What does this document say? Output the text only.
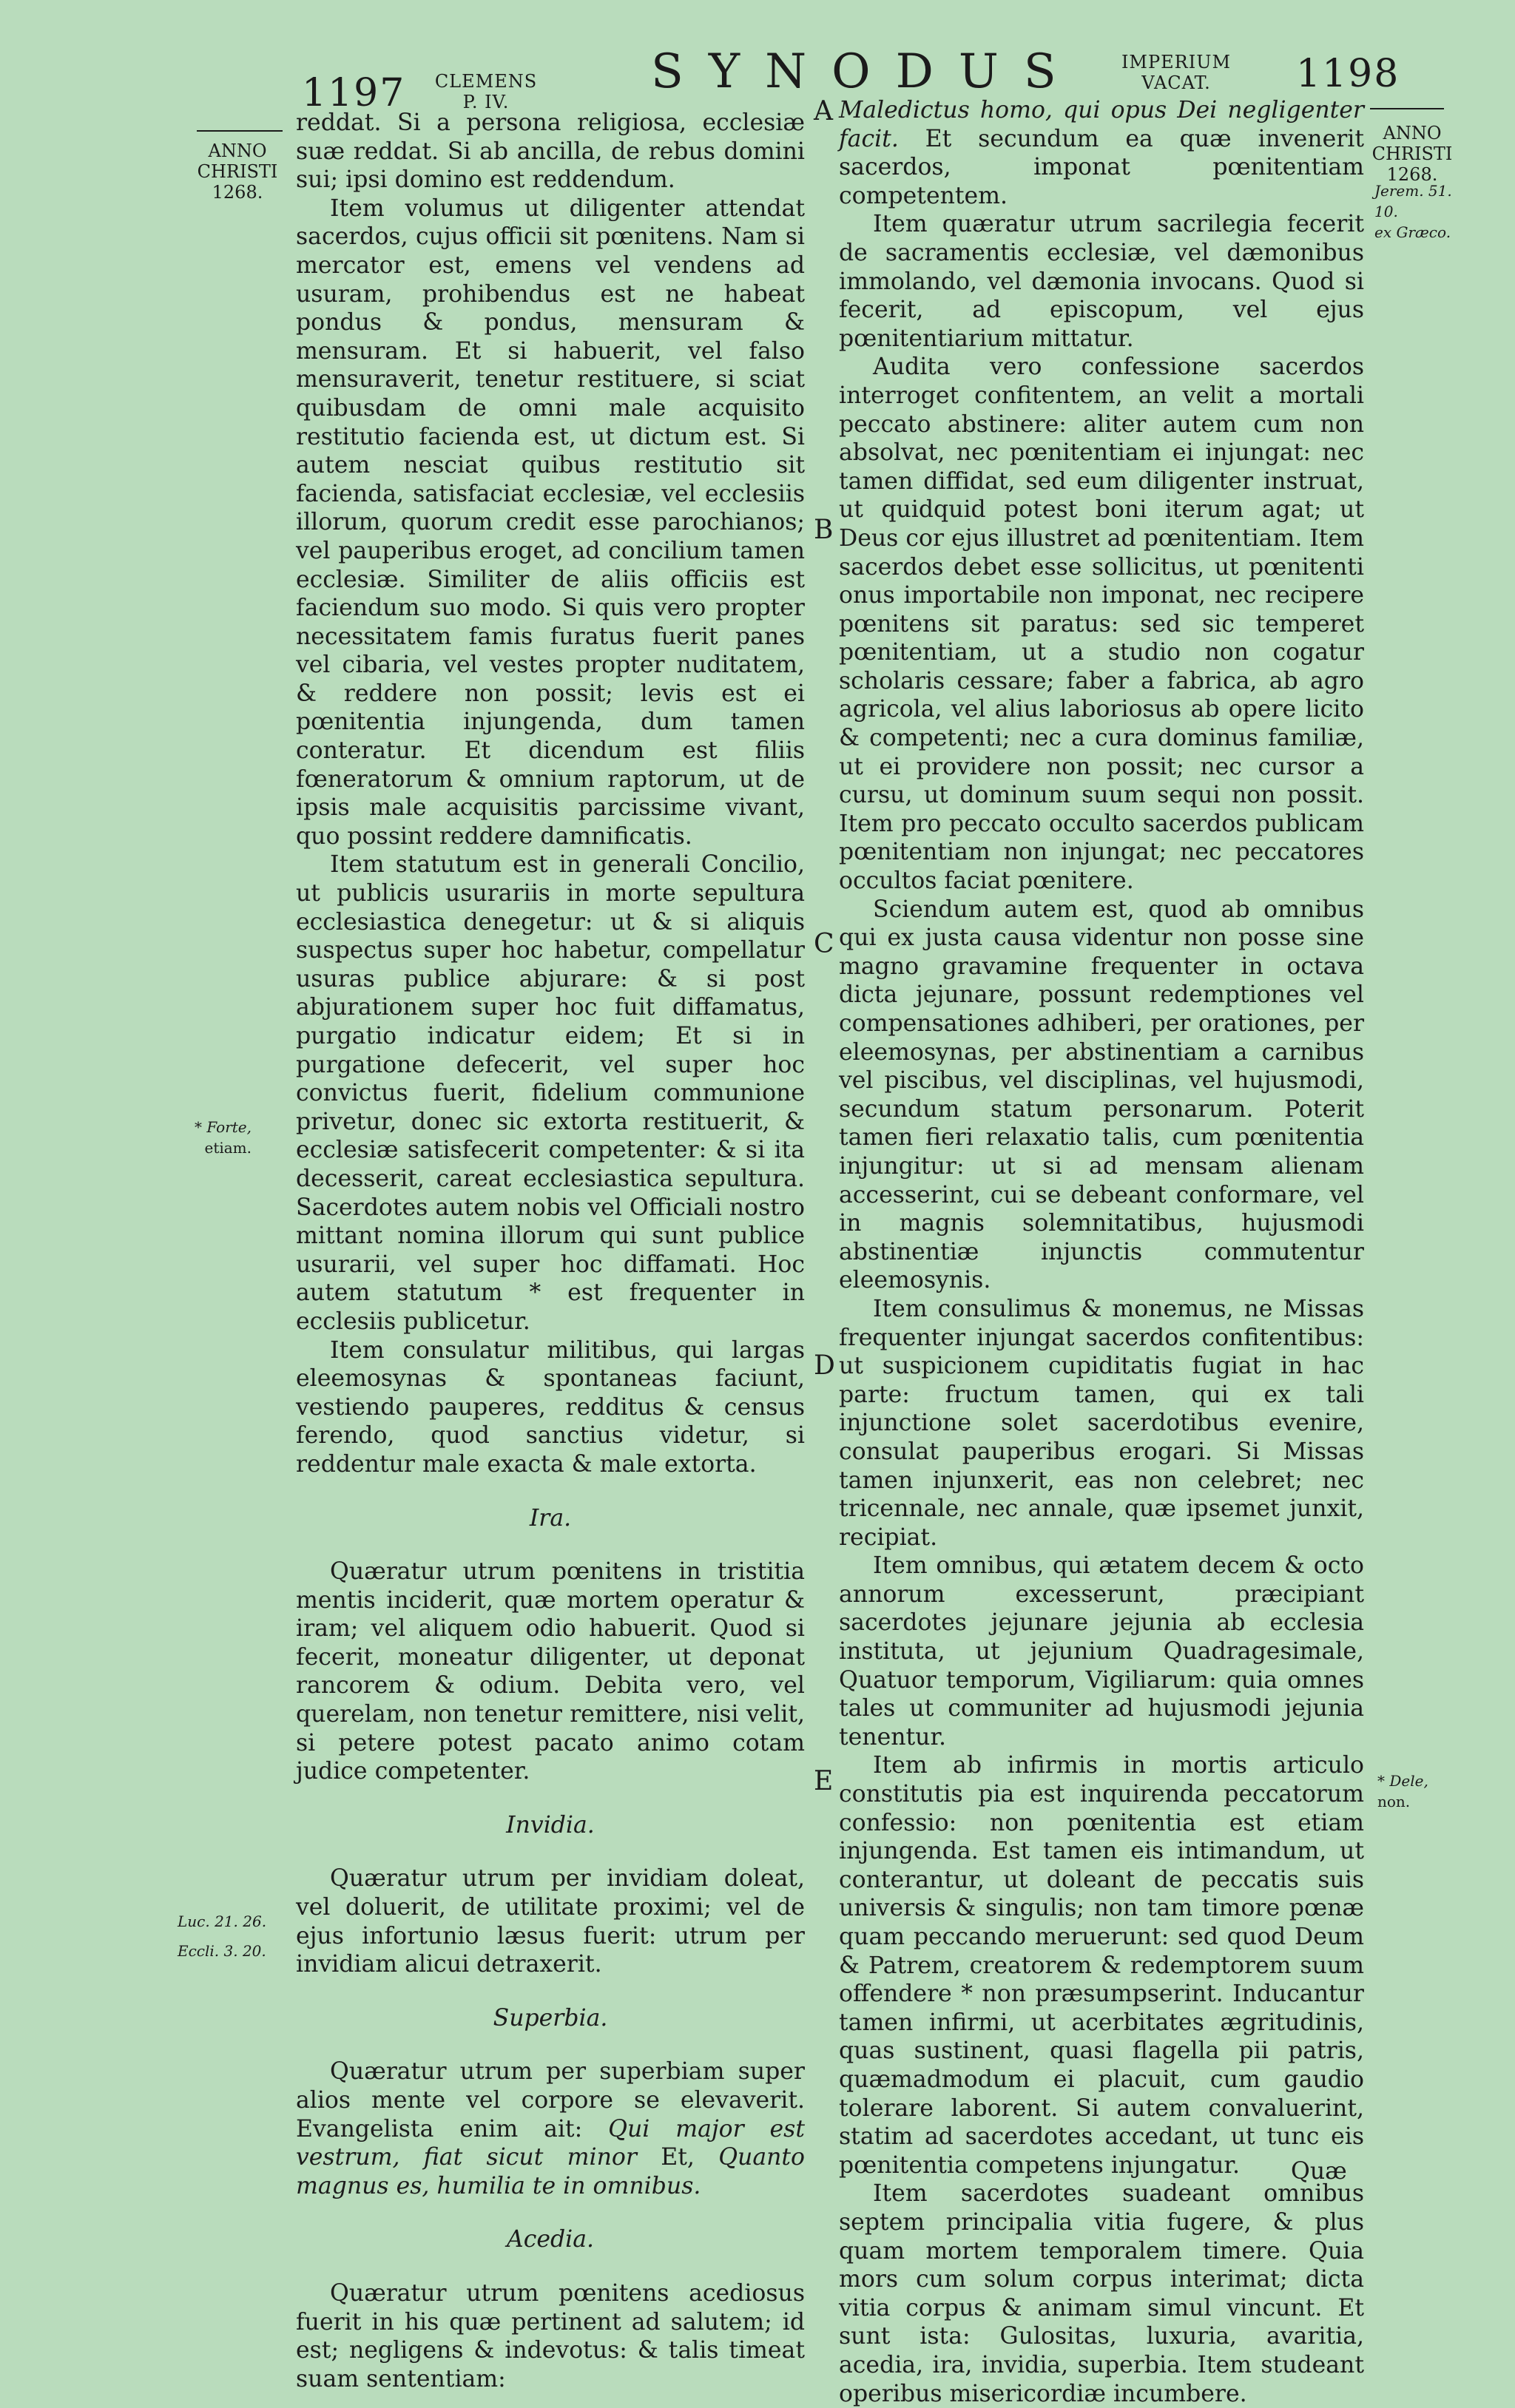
1197 CLEMENS
P. IV.
SYNODUS	IMPERIUM
VACAT.	1198
ANNO
CHRISTI
1268.
ANNO
CHRISTI
1268.
Jerem. 51.
10.
ex Græco.
* Forte,
etiam.
Luc. 21. 26.
Eccli. 3. 20.
* Dele,
non.
A
B
C
D
E

reddat. Si a persona religiosa, ecclesiæ suæ reddat. Si ab ancilla, de rebus domini sui; ipsi domino est reddendum.

Item volumus ut diligenter attendat sacerdos, cujus officii sit pœnitens. Nam si mercator est, emens vel vendens ad usuram, prohibendus est ne habeat pondus & pondus, mensuram & mensuram. Et si habuerit, vel falso mensuraverit, tenetur restituere, si sciat quibusdam de omni male acquisito restitutio facienda est, ut dictum est. Si autem nesciat quibus restitutio sit facienda, satisfaciat ecclesiæ, vel ecclesiis illorum, quorum credit esse parochianos; vel pauperibus eroget, ad concilium tamen ecclesiæ. Similiter de aliis officiis est faciendum suo modo. Si quis vero propter necessitatem famis furatus fuerit panes vel cibaria, vel vestes propter nuditatem, & reddere non possit; levis est ei pœnitentia injungenda, dum tamen conteratur. Et dicendum est filiis fœneratorum & omnium raptorum, ut de ipsis male acquisitis parcissime vivant, quo possint reddere damnificatis.

Item statutum est in generali Concilio, ut publicis usurariis in morte sepultura ecclesiastica denegetur: ut & si aliquis suspectus super hoc habetur, compellatur usuras publice abjurare: & si post abjurationem super hoc fuit diffamatus, purgatio indicatur eidem; Et si in purgatione defecerit, vel super hoc convictus fuerit, fidelium communione privetur, donec sic extorta restituerit, & ecclesiæ satisfecerit competenter: & si ita decesserit, careat ecclesiastica sepultura. Sacerdotes autem nobis vel Officiali nostro mittant nomina illorum qui sunt publice usurarii, vel super hoc diffamati. Hoc autem statutum * est frequenter in ecclesiis publicetur.

Item consulatur militibus, qui largas eleemosynas & spontaneas faciunt, vestiendo pauperes, redditus & census ferendo, quod sanctius videtur, si reddentur male exacta & male extorta.

Ira.

Quæratur utrum pœnitens in tristitia mentis inciderit, quæ mortem operatur & iram; vel aliquem odio habuerit. Quod si fecerit, moneatur diligenter, ut deponat rancorem & odium. Debita vero, vel querelam, non tenetur remittere, nisi velit, si petere potest pacato animo cotam judice competenter.

Invidia.

Quæratur utrum per invidiam doleat, vel doluerit, de utilitate proximi; vel de ejus infortunio læsus fuerit: utrum per invidiam alicui detraxerit.

Superbia.

Quæratur utrum per superbiam super alios mente vel corpore se elevaverit. Evangelista enim ait: Qui major est vestrum, fiat sicut minor Et, Quanto magnus es, humilia te in omnibus.

Acedia.

Quæratur utrum pœnitens acediosus fuerit in his quæ pertinent ad salutem; id est; negligens & indevotus: & talis timeat suam sententiam:

Maledictus homo, qui opus Dei negligenter facit. Et secundum ea quæ invenerit sacerdos, imponat pœnitentiam competentem.

Item quæratur utrum sacrilegia fecerit de sacramentis ecclesiæ, vel dæmonibus immolando, vel dæmonia invocans. Quod si fecerit, ad episcopum, vel ejus pœnitentiarium mittatur.

Audita vero confessione sacerdos interroget confitentem, an velit a mortali peccato abstinere: aliter autem cum non absolvat, nec pœnitentiam ei injungat: nec tamen diffidat, sed eum diligenter instruat, ut quidquid potest boni iterum agat; ut Deus cor ejus illustret ad pœnitentiam. Item sacerdos debet esse sollicitus, ut pœnitenti onus importabile non imponat, nec recipere pœnitens sit paratus: sed sic temperet pœnitentiam, ut a studio non cogatur scholaris cessare; faber a fabrica, ab agro agricola, vel alius laboriosus ab opere licito & competenti; nec a cura dominus familiæ, ut ei providere non possit; nec cursor a cursu, ut dominum suum sequi non possit. Item pro peccato occulto sacerdos publicam pœnitentiam non injungat; nec peccatores occultos faciat pœnitere.

Sciendum autem est, quod ab omnibus qui ex justa causa videntur non posse sine magno gravamine frequenter in octava dicta jejunare, possunt redemptiones vel compensationes adhiberi, per orationes, per eleemosynas, per abstinentiam a carnibus vel piscibus, vel disciplinas, vel hujusmodi, secundum statum personarum. Poterit tamen fieri relaxatio talis, cum pœnitentia injungitur: ut si ad mensam alienam accesserint, cui se debeant conformare, vel in magnis solemnitatibus, hujusmodi abstinentiæ injunctis commutentur eleemosynis.

Item consulimus & monemus, ne Missas frequenter injungat sacerdos confitentibus: ut suspicionem cupiditatis fugiat in hac parte: fructum tamen, qui ex tali injunctione solet sacerdotibus evenire, consulat pauperibus erogari. Si Missas tamen injunxerit, eas non celebret; nec tricennale, nec annale, quæ ipsemet junxit, recipiat.

Item omnibus, qui ætatem decem & octo annorum excesserunt, præcipiant sacerdotes jejunare jejunia ab ecclesia instituta, ut jejunium Quadragesimale, Quatuor temporum, Vigiliarum: quia omnes tales ut communiter ad hujusmodi jejunia tenentur.

Item ab infirmis in mortis articulo constitutis pia est inquirenda peccatorum confessio: non pœnitentia est etiam injungenda. Est tamen eis intimandum, ut conterantur, ut doleant de peccatis suis universis & singulis; non tam timore pœnæ quam peccando meruerunt: sed quod Deum & Patrem, creatorem & redemptorem suum offendere * non præsumpserint. Inducantur tamen infirmi, ut acerbitates ægritudinis, quas sustinent, quasi flagella pii patris, quæmadmodum ei placuit, cum gaudio tolerare laborent. Si autem convaluerint, statim ad sacerdotes accedant, ut tunc eis pœnitentia competens injungatur.

Item sacerdotes suadeant omnibus septem principalia vitia fugere, & plus quam mortem temporalem timere. Quia mors cum solum corpus interimat; dicta vitia corpus & animam simul vincunt. Et sunt ista: Gulositas, luxuria, avaritia, acedia, ira, invidia, superbia. Item studeant operibus misericordiæ incumbere.

Quæ
